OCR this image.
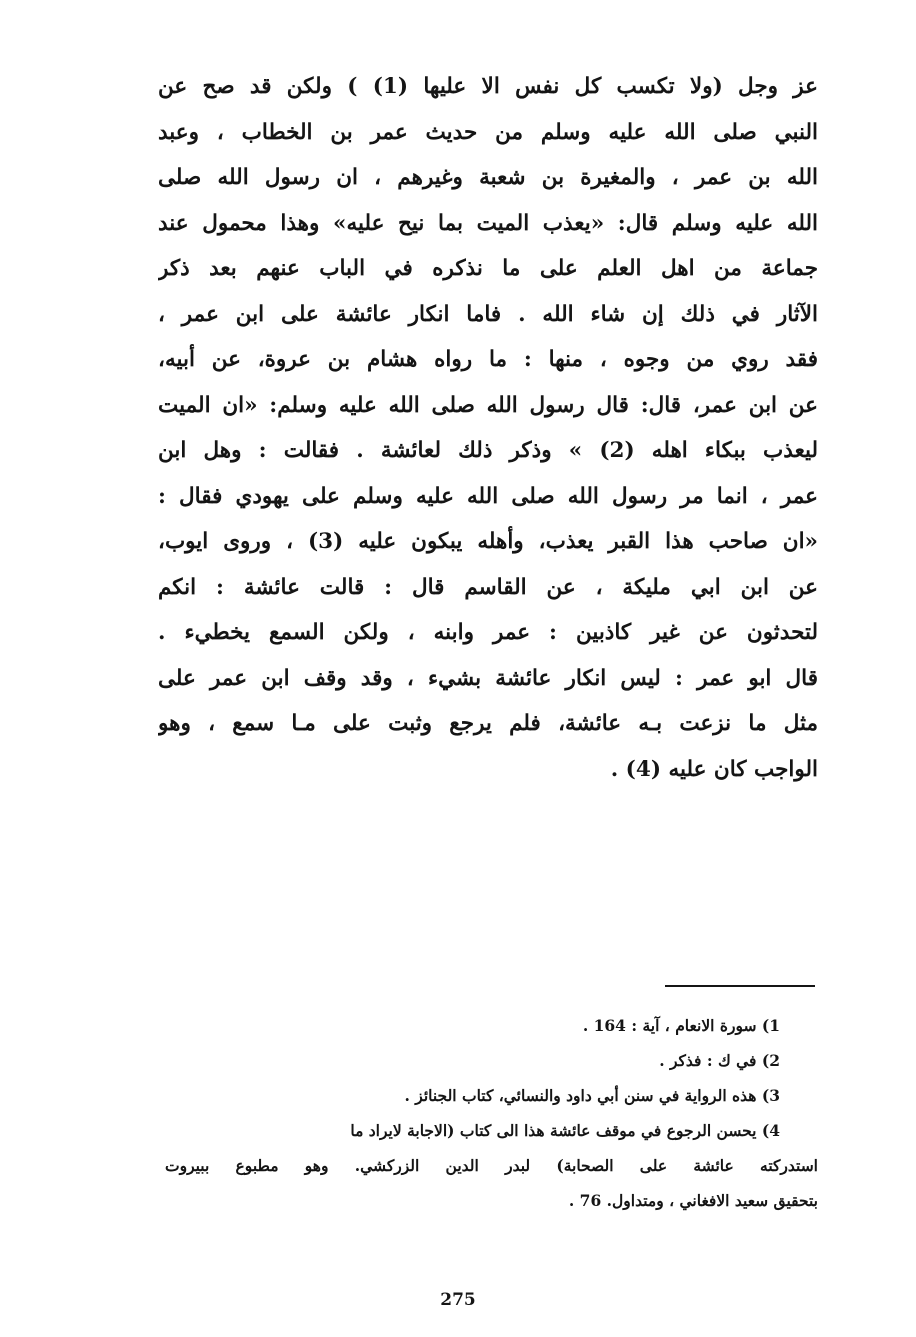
عز وجل (ولا تكسب كل نفس الا عليها (1) ) ولكن قد صح عن
النبي صلى الله عليه وسلم من حديث عمر بن الخطاب ، وعبد
الله بن عمر ، والمغيرة بن شعبة وغيرهم ، ان رسول الله صلى
الله عليه وسلم قال: «يعذب الميت بما نيح عليه» وهذا محمول عند
جماعة من اهل العلم على ما نذكره في الباب عنهم بعد ذكر
الآثار في ذلك إن شاء الله . فاما انكار عائشة على ابن عمر ،
فقد روي من وجوه ، منها : ما رواه هشام بن عروة، عن أبيه،
عن ابن عمر، قال: قال رسول الله صلى الله عليه وسلم: «ان الميت
ليعذب ببكاء اهله (2) » وذكر ذلك لعائشة . فقالت : وهل ابن
عمر ، انما مر رسول الله صلى الله عليه وسلم على يهودي فقال :
«ان صاحب هذا القبر يعذب، وأهله يبكون عليه (3) ، وروى ايوب،
عن ابن ابي مليكة ، عن القاسم قال : قالت عائشة : انكم
لتحدثون عن غير كاذبين : عمر وابنه ، ولكن السمع يخطيء .
قال ابو عمر : ليس انكار عائشة بشيء ، وقد وقف ابن عمر على
مثل ما نزعت بـه عائشة، فلم يرجع وثبت على مـا سمع ، وهو
الواجب كان عليه (4) .
1) سورة الانعام ، آية : 164 .
2) في ك : فذكر .
3) هذه الرواية في سنن أبي داود والنسائي، كتاب الجنائز .
4) يحسن الرجوع في موقف عائشة هذا الى كتاب (الاجابة لايراد ما
استدركته عائشة على الصحابة) لبدر الدين الزركشي. وهو مطبوع ببيروت
بتحقيق سعيد الافغاني ، ومتداول. 76 .
275
